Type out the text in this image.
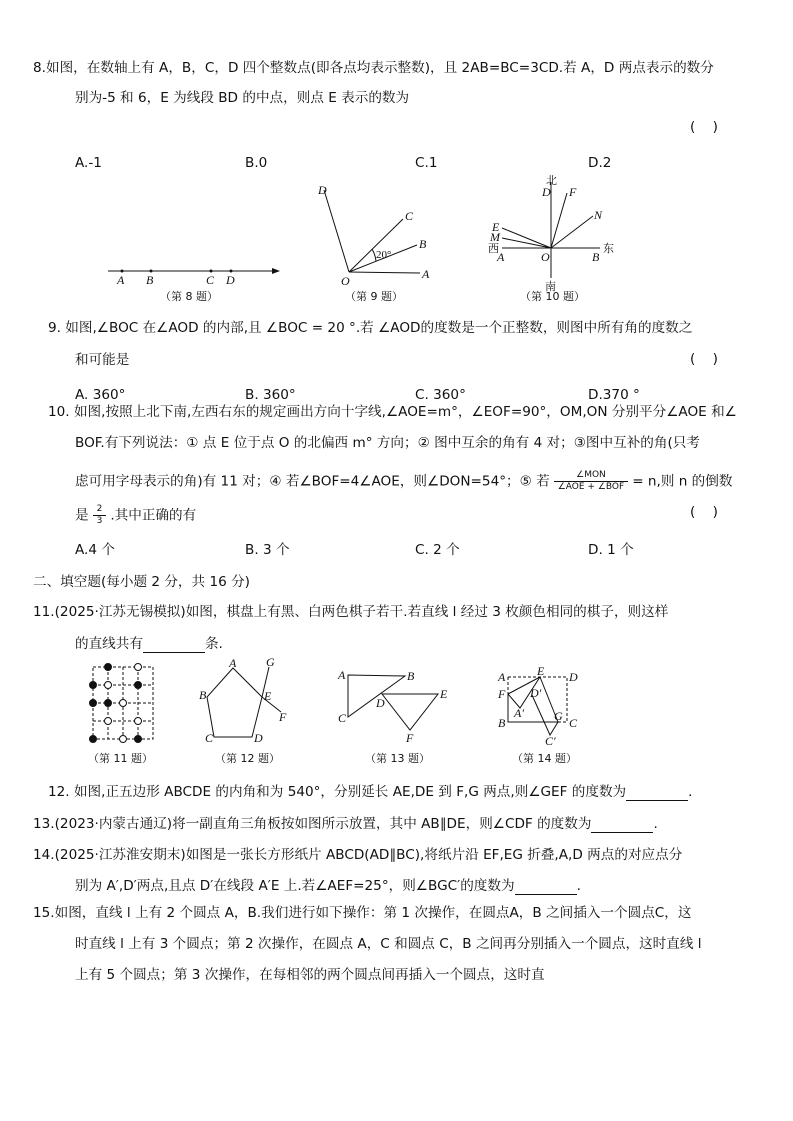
8.如图，在数轴上有 A，B，C，D 四个整数点(即各点均表示整数)，且 2AB=BC=3CD.若 A，D 两点表示的数分
别为-5 和 6，E 为线段 BD 的中点，则点 E 表示的数为
(    )
A.-1	B.0	C.1	D.2
A B	C D
（第 8 题）
D
C
B
A
O
20°
（第 9 题）
北
南
东
西
D F
N
E
M
A	O	B
（第 10 题）
（第 11 题）
A
B
C	D
E
F
G
（第 12 题）
A	B
C
D
E
F
（第 13 题）
A	D
B	C
E
F
A′
D′
G
C′
（第 14 题）
9. 如图,∠BOC 在∠AOD 的内部,且 ∠BOC = 20 °.若 ∠AOD的度数是一个正整数，则图中所有角的度数之
和可能是	(    )
A. 360°	B. 360°	C. 360°	D.370 °
10. 如图,按照上北下南,左西右东的规定画出方向十字线,∠AOE=m°，∠EOF=90°，OM,ON 分别平分∠AOE 和∠
BOF.有下列说法：① 点 E 位于点 O 的北偏西 m° 方向；② 图中互余的角有 4 对；③图中互补的角(只考
虑可用字母表示的角)有 11 对；④ 若∠BOF=4∠AOE，则∠DON=54°；⑤ 若 $\frac{\text{∠MON}}{\text{∠AOE + ∠BOF}} = n$,则 n 的倒数
是 $\frac{2}{3}$ .其中正确的有	(    )
A.4 个	B. 3 个	C. 2 个	D. 1 个
二、填空题(每小题 2 分，共 16 分)
11.(2025·江苏无锡模拟)如图，棋盘上有黑、白两色棋子若干.若直线 l 经过 3 枚颜色相同的棋子，则这样
的直线共有	条.
12. 如图,正五边形 ABCDE 的内角和为 540°，分别延长 AE,DE 到 F,G 两点,则∠GEF 的度数为	.
13.(2023·内蒙古通辽)将一副直角三角板按如图所示放置，其中 AB∥DE，则∠CDF 的度数为	.
14.(2025·江苏淮安期末)如图是一张长方形纸片 ABCD(AD∥BC),将纸片沿 EF,EG 折叠,A,D 两点的对应点分
别为 A′,D′两点,且点 D′在线段 A′E 上.若∠AEF=25°，则∠BGC′的度数为	.
15.如图，直线 l 上有 2 个圆点 A，B.我们进行如下操作：第 1 次操作，在圆点A，B 之间插入一个圆点C，这
时直线 l 上有 3 个圆点；第 2 次操作，在圆点 A，C 和圆点 C，B 之间再分别插入一个圆点，这时直线 l
上有 5 个圆点；第 3 次操作，在每相邻的两个圆点间再插入一个圆点，这时直
